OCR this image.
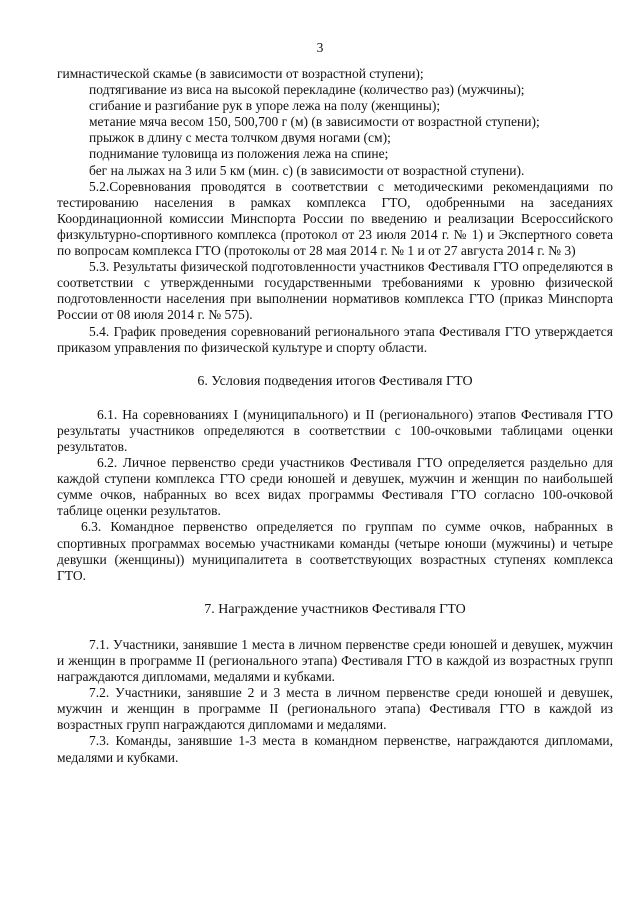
3

гимнастической скамье (в зависимости от возрастной ступени);

подтягивание из виса на высокой перекладине (количество раз) (мужчины);

сгибание и разгибание рук в упоре лежа на полу (женщины);

метание мяча весом 150, 500,700 г (м) (в зависимости от возрастной ступени);

прыжок в длину с места толчком двумя ногами (см);

поднимание туловища из положения лежа на спине;

бег на лыжах на 3 или 5 км (мин. с) (в зависимости от возрастной ступени).

5.2.Соревнования проводятся в соответствии с методическими рекомендациями по тестированию населения в рамках комплекса ГТО, одобренными на заседаниях Координационной комиссии Минспорта России по введению и реализации Всероссийского физкультурно-спортивного комплекса (протокол от 23 июля 2014 г. № 1) и Экспертного совета по вопросам комплекса ГТО (протоколы от 28 мая 2014 г. № 1 и от 27 августа 2014 г. № 3)

5.3. Результаты физической подготовленности участников Фестиваля ГТО определяются в соответствии с утвержденными государственными требованиями к уровню физической подготовленности населения при выполнении нормативов комплекса ГТО (приказ Минспорта России от 08 июля 2014 г. № 575).

5.4. График проведения соревнований регионального этапа Фестиваля ГТО утверждается приказом управления по физической культуре и спорту области.

6. Условия подведения итогов Фестиваля ГТО

6.1. На соревнованиях I (муниципального) и II (регионального) этапов Фестиваля ГТО результаты участников определяются в соответствии с 100-очковыми таблицами оценки результатов.

6.2. Личное первенство среди участников Фестиваля ГТО определяется раздельно для каждой ступени комплекса ГТО среди юношей и девушек, мужчин и женщин по наибольшей сумме очков, набранных во всех видах программы Фестиваля ГТО согласно 100-очковой таблице оценки результатов.

6.3. Командное первенство определяется по группам по сумме очков, набранных в спортивных программах восемью участниками команды (четыре юноши (мужчины) и четыре девушки (женщины)) муниципалитета в соответствующих возрастных ступенях комплекса ГТО.

7. Награждение участников Фестиваля ГТО

7.1. Участники, занявшие 1 места в личном первенстве среди юношей и девушек, мужчин и женщин в программе II (регионального этапа) Фестиваля ГТО в каждой из возрастных групп награждаются дипломами, медалями и кубками.

7.2. Участники, занявшие 2 и 3 места в личном первенстве среди юношей и девушек, мужчин и женщин в программе II (регионального этапа) Фестиваля ГТО в каждой из возрастных групп награждаются дипломами и медалями.

7.3. Команды, занявшие 1-3 места в командном первенстве, награждаются дипломами, медалями и кубками.
